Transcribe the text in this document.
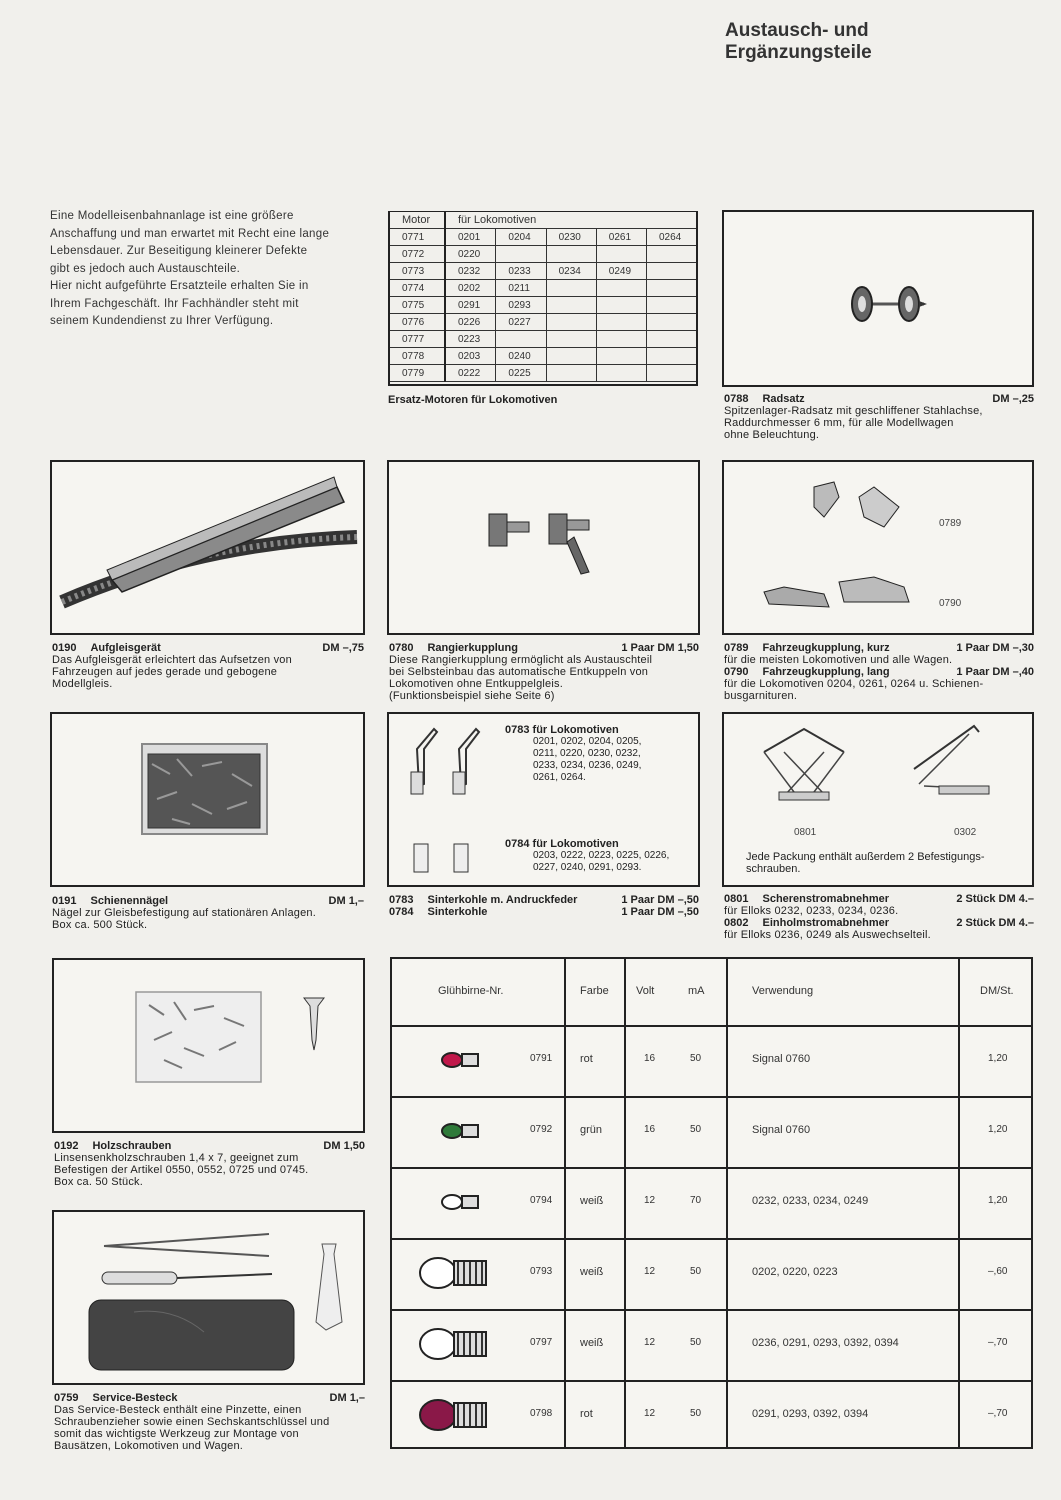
Austausch- und
Ergänzungsteile
Eine Modelleisenbahnanlage ist eine größere
Anschaffung und man erwartet mit Recht eine lange
Lebensdauer. Zur Beseitigung kleinerer Defekte
gibt es jedoch auch Austauschteile.
Hier nicht aufgeführte Ersatzteile erhalten Sie in
Ihrem Fachgeschäft. Ihr Fachhändler steht mit
seinem Kundendienst zu Ihrer Verfügung.
Motor	für Lokomotiven				
0771	0201	0204	0230	0261	0264
0772	0220				
0773	0232	0233	0234	0249	
0774	0202	0211			
0775	0291	0293			
0776	0226	0227			
0777	0223				
0778	0203	0240			
0779	0222	0225			
Ersatz-Motoren für Lokomotiven	0788 Radsatz	DM –,25
Spitzenlager-Radsatz mit geschliffener Stahlachse,
Raddurchmesser 6 mm, für alle Modellwagen
ohne Beleuchtung.
0190 Aufgleisgerät	DM –,75
Das Aufgleisgerät erleichtert das Aufsetzen von
Fahrzeugen auf jedes gerade und gebogene
Modellgleis.
0780 Rangierkupplung	1 Paar DM 1,50
Diese Rangierkupplung ermöglicht als Austauschteil
bei Selbsteinbau das automatische Entkuppeln von
Lokomotiven ohne Entkuppelgleis.
(Funktionsbeispiel siehe Seite 6)
0789
0790
0789 Fahrzeugkupplung, kurz	1 Paar DM –,30
für die meisten Lokomotiven und alle Wagen.
0790 Fahrzeugkupplung, lang	1 Paar DM –,40
für die Lokomotiven 0204, 0261, 0264 u. Schienen-
busgarnituren.
0191 Schienennägel	DM 1,–
Nägel zur Gleisbefestigung auf stationären Anlagen.
Box ca. 500 Stück.
0783 für Lokomotiven
0201, 0202, 0204, 0205,
0211, 0220, 0230, 0232,
0233, 0234, 0236, 0249,
0261, 0264.
0784 für Lokomotiven
0203, 0222, 0223, 0225, 0226,
0227, 0240, 0291, 0293.
0783 Sinterkohle m. Andruckfeder	1 Paar DM –,50
0784 Sinterkohle	1 Paar DM –,50
0801	0302
Jede Packung enthält außerdem 2 Befestigungs-
schrauben.
0801 Scherenstromabnehmer	2 Stück DM 4.–
für Elloks 0232, 0233, 0234, 0236.
0802 Einholmstromabnehmer	2 Stück DM 4.–
für Elloks 0236, 0249 als Auswechselteil.
0192 Holzschrauben	DM 1,50
Linsensenkholzschrauben 1,4 x 7, geeignet zum
Befestigen der Artikel 0550, 0552, 0725 und 0745.
Box ca. 50 Stück.
0759 Service-Besteck	DM 1,–
Das Service-Besteck enthält eine Pinzette, einen
Schraubenzieher sowie einen Sechskantschlüssel und
somit das wichtigste Werkzeug zur Montage von
Bausätzen, Lokomotiven und Wagen.
Glühbirne-Nr.	Farbe Volt	mA	Verwendung	DM/St.
0791	rot	16	50	Signal 0760	1,20
0792	grün	16	50	Signal 0760	1,20
0794	weiß	12	70	0232, 0233, 0234, 0249	1,20
0793	weiß	12	50	0202, 0220, 0223	–,60
0797	weiß	12	50	0236, 0291, 0293, 0392, 0394	–,70
0798	rot	12	50	0291, 0293, 0392, 0394	–,70
